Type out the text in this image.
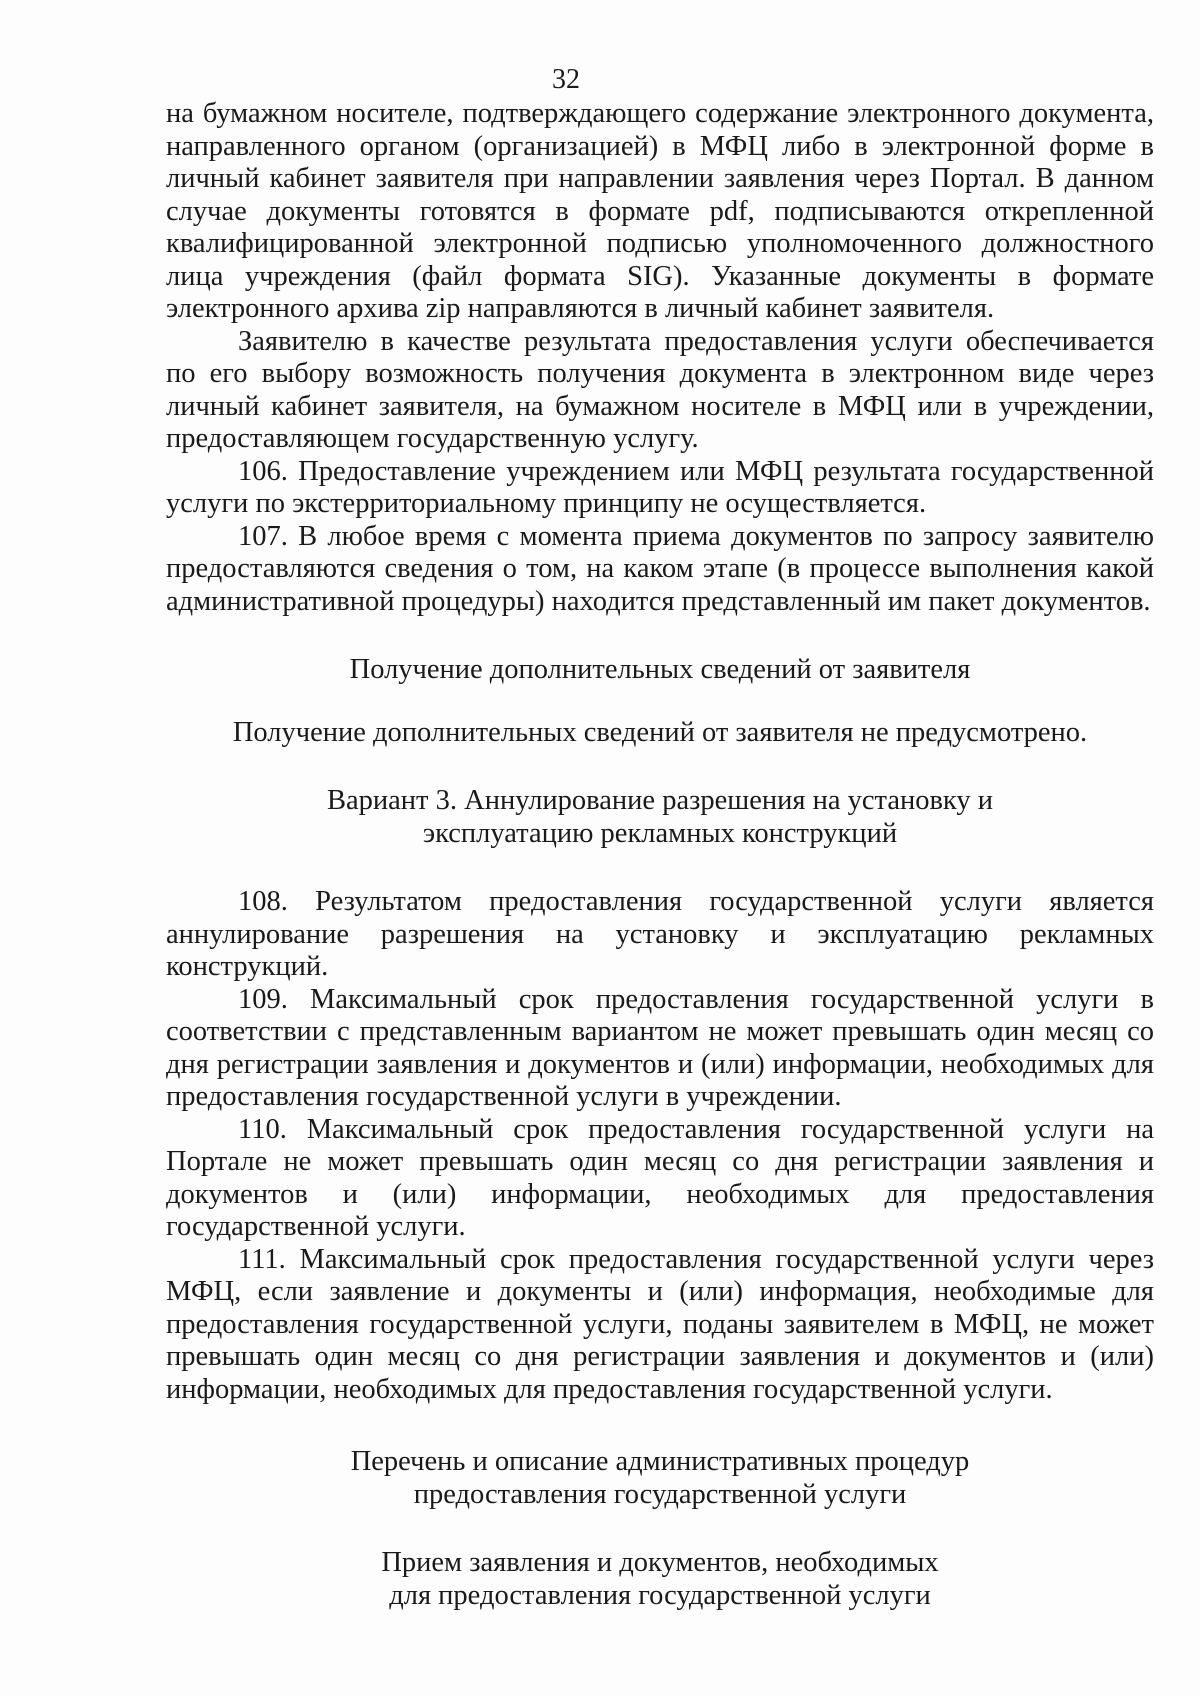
32

на бумажном носителе, подтверждающего содержание электронного документа, направленного органом (организацией) в МФЦ либо в электронной форме в личный кабинет заявителя при направлении заявления через Портал. В данном случае документы готовятся в формате pdf, подписываются открепленной квалифицированной электронной подписью уполномоченного должностного лица учреждения (файл формата SIG). Указанные документы в формате электронного архива zip направляются в личный кабинет заявителя.

Заявителю в качестве результата предоставления услуги обеспечивается по его выбору возможность получения документа в электронном виде через личный кабинет заявителя, на бумажном носителе в МФЦ или в учреждении, предоставляющем государственную услугу.

106. Предоставление учреждением или МФЦ результата государственной услуги по экстерриториальному принципу не осуществляется.

107. В любое время с момента приема документов по запросу заявителю предоставляются сведения о том, на каком этапе (в процессе выполнения какой административной процедуры) находится представленный им пакет документов.

Получение дополнительных сведений от заявителя

Получение дополнительных сведений от заявителя не предусмотрено.

Вариант 3. Аннулирование разрешения на установку и
эксплуатацию рекламных конструкций

108. Результатом предоставления государственной услуги является аннулирование разрешения на установку и эксплуатацию рекламных конструкций.

109. Максимальный срок предоставления государственной услуги в соответствии с представленным вариантом не может превышать один месяц со дня регистрации заявления и документов и (или) информации, необходимых для предоставления государственной услуги в учреждении.

110. Максимальный срок предоставления государственной услуги на Портале не может превышать один месяц со дня регистрации заявления и документов и (или) информации, необходимых для предоставления государственной услуги.

111. Максимальный срок предоставления государственной услуги через МФЦ, если заявление и документы и (или) информация, необходимые для предоставления государственной услуги, поданы заявителем в МФЦ, не может превышать один месяц со дня регистрации заявления и документов и (или) информации, необходимых для предоставления государственной услуги.

Перечень и описание административных процедур
предоставления государственной услуги

Прием заявления и документов, необходимых
для предоставления государственной услуги
